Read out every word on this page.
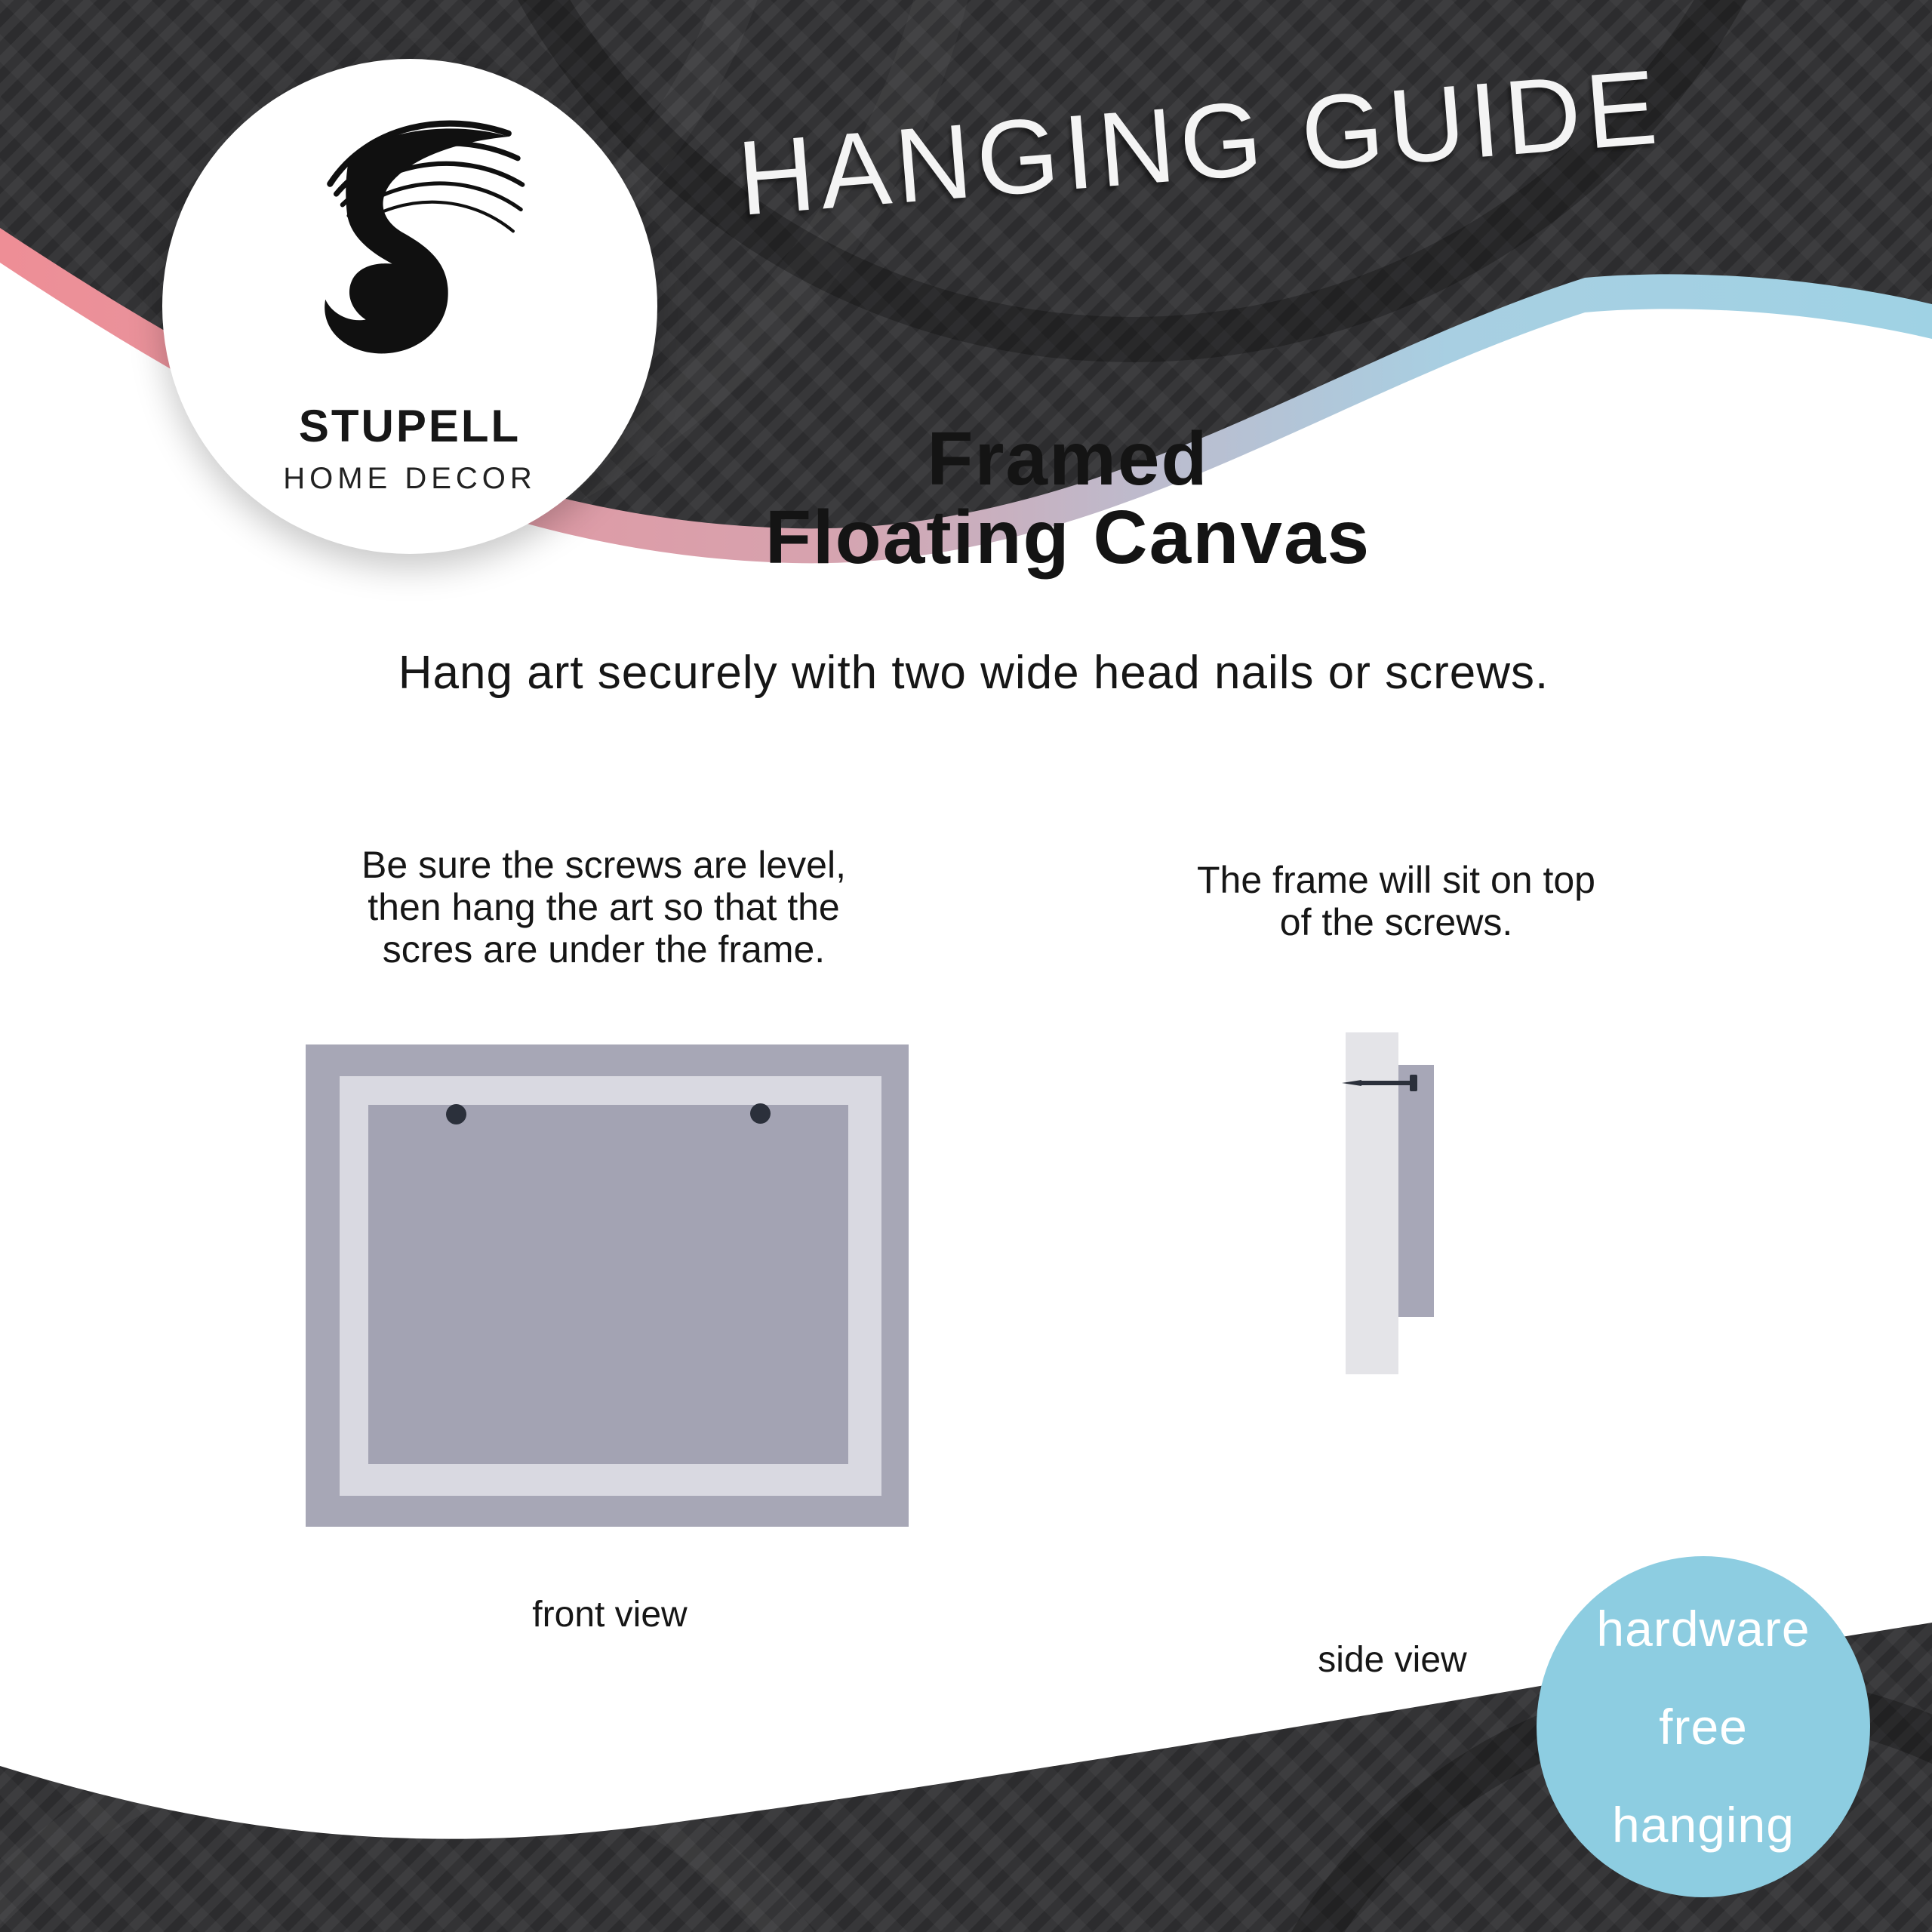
STUPELL
HOME DECOR
HANGING GUIDE
Framed
Floating Canvas
Hang art securely with two wide head nails or screws.
Be sure the screws are level,
then hang the art so that the
scres are under the frame.
The frame will sit on top
of the screws.
front view
side view
hardware
free
hanging
